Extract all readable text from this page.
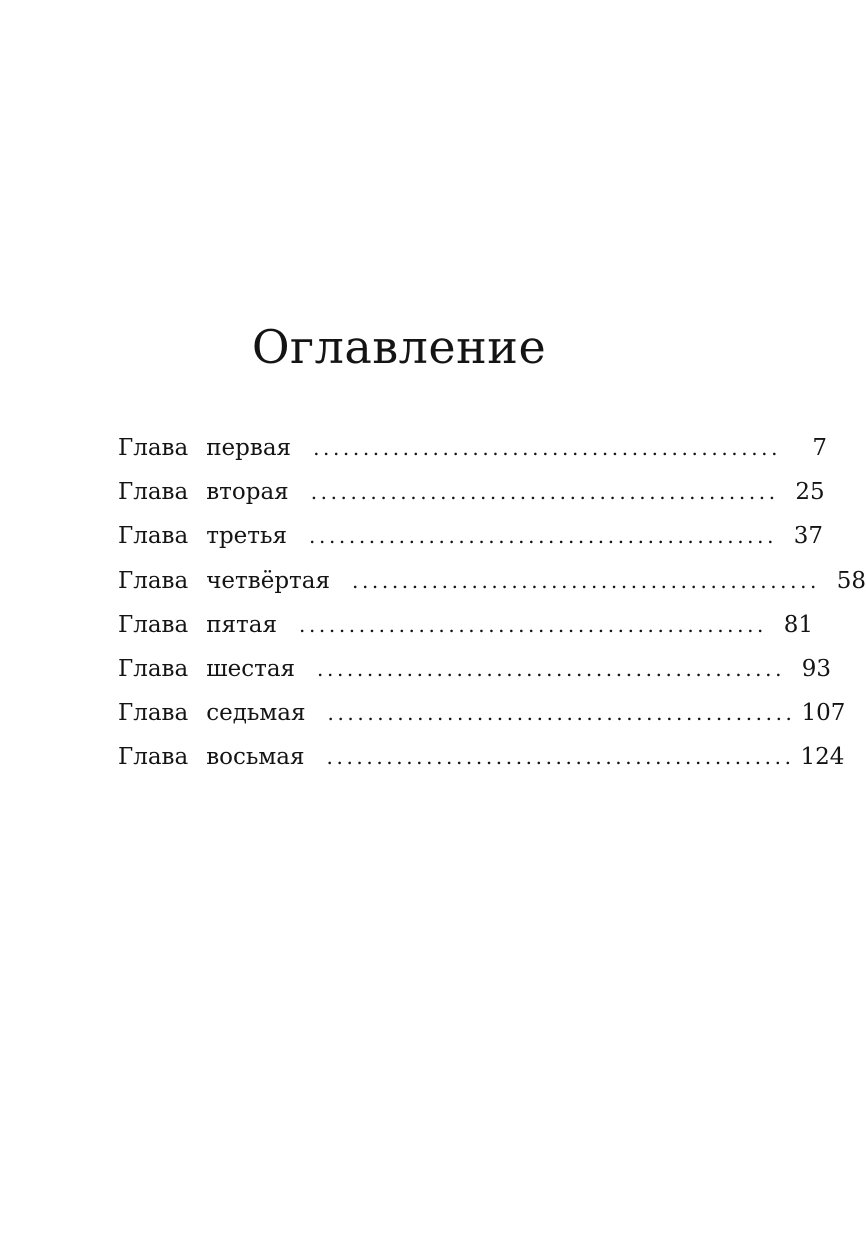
Оглавление
Глава первая	...............................................	7
Глава вторая	............................................... 25
Глава третья	............................................... 37
Глава четвёртая	............................................... 58
Глава пятая	............................................... 81
Глава шестая	............................................... 93
Глава седьмая	............................................... 107
Глава восьмая	............................................... 124
